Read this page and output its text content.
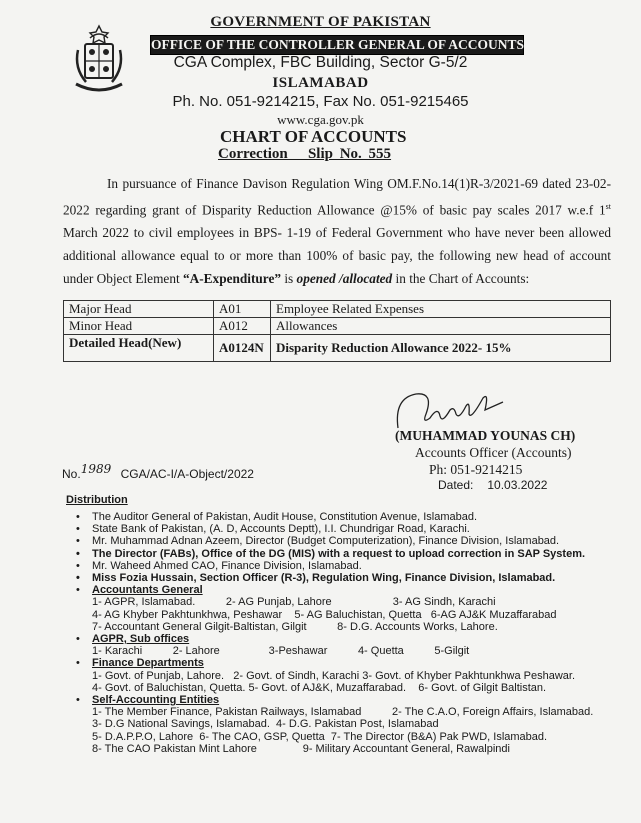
GOVERNMENT OF PAKISTAN
OFFICE OF THE CONTROLLER GENERAL OF ACCOUNTS
CGA Complex, FBC Building, Sector G-5/2
ISLAMABAD
Ph. No. 051-9214215, Fax No. 051-9215465
www.cga.gov.pk
CHART OF ACCOUNTS
Correction   Slip No. 555
In pursuance of Finance Davison Regulation Wing OM.F.No.14(1)R-3/2021-69 dated 23-02-2022 regarding grant of Disparity Reduction Allowance @15% of basic pay scales 2017 w.e.f 1st March 2022 to civil employees in BPS- 1-19 of Federal Government who have never been allowed additional allowance equal to or more than 100% of basic pay, the following new head of account under Object Element “A-Expenditure” is opened /allocated in the Chart of Accounts:
Major Head	A01	Employee Related Expenses
Minor Head	A012	Allowances
Detailed Head(New)	A0124N	Disparity Reduction Allowance 2022- 15%
(MUHAMMAD YOUNAS CH)
Accounts Officer (Accounts)
Ph: 051-9214215
No.$^{1989}$ CGA/AC-I/A-Object/2022
Dated: 10.03.2022
Distribution
• The Auditor General of Pakistan, Audit House, Constitution Avenue, Islamabad.
• State Bank of Pakistan, (A. D, Accounts Deptt), I.I. Chundrigar Road, Karachi.
• Mr. Muhammad Adnan Azeem, Director (Budget Computerization), Finance Division, Islamabad.
• The Director (FABs), Office of the DG (MIS) with a request to upload correction in SAP System.
• Mr. Waheed Ahmed CAO, Finance Division, Islamabad.
• Miss Fozia Hussain, Section Officer (R-3), Regulation Wing, Finance Division, Islamabad.
• Accountants General
1- AGPR, Islamabad.          2- AG Punjab, Lahore                    3- AG Sindh, Karachi
4- AG Khyber Pakhtunkhwa, Peshawar    5- AG Baluchistan, Quetta   6-AG AJ&K Muzaffarabad
7- Accountant General Gilgit-Baltistan, Gilgit          8- D.G. Accounts Works, Lahore.
• AGPR, Sub offices
1- Karachi          2- Lahore                3-Peshawar          4- Quetta          5-Gilgit
• Finance Departments
1- Govt. of Punjab, Lahore.   2- Govt. of Sindh, Karachi 3- Govt. of Khyber Pakhtunkhwa Peshawar.
4- Govt. of Baluchistan, Quetta. 5- Govt. of AJ&K, Muzaffarabad.    6- Govt. of Gilgit Baltistan.
• Self-Accounting Entities
1- The Member Finance, Pakistan Railways, Islamabad          2- The C.A.O, Foreign Affairs, Islamabad.
3- D.G National Savings, Islamabad.  4- D.G. Pakistan Post, Islamabad
5- D.A.P.P.O, Lahore  6- The CAO, GSP, Quetta  7- The Director (B&A) Pak PWD, Islamabad.
8- The CAO Pakistan Mint Lahore               9- Military Accountant General, Rawalpindi
